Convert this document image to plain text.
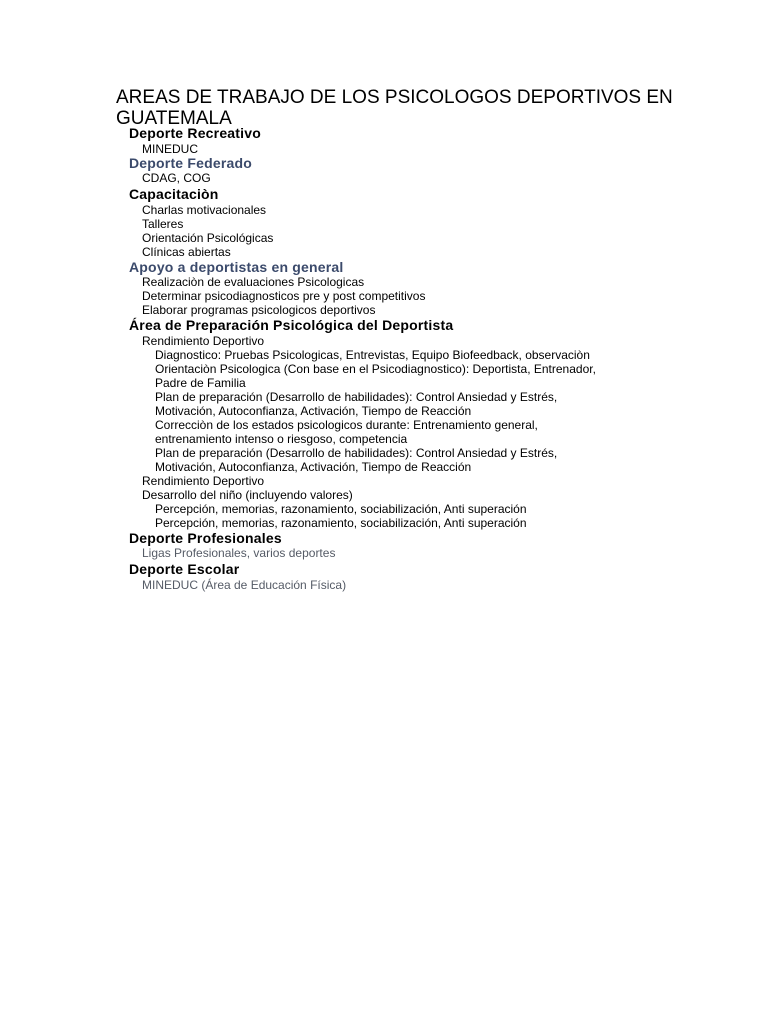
AREAS DE TRABAJO DE LOS PSICOLOGOS DEPORTIVOS EN GUATEMALA

Deporte Recreativo

MINEDUC

Deporte Federado

CDAG, COG

Capacitaciòn

Charlas motivacionales

Talleres

Orientación Psicológicas

Clínicas abiertas

Apoyo a deportistas en general

Realizaciòn de evaluaciones Psicologicas

Determinar psicodiagnosticos pre y post competitivos

Elaborar programas psicologicos deportivos

Área de Preparación Psicológica del Deportista

Rendimiento Deportivo

Diagnostico: Pruebas Psicologicas, Entrevistas, Equipo Biofeedback, observaciòn

Orientaciòn Psicologica (Con base en el Psicodiagnostico): Deportista, Entrenador,

Padre de Familia

Plan de preparación (Desarrollo de habilidades): Control Ansiedad y Estrés,

Motivación, Autoconfianza, Activación, Tiempo de Reacción

Correcciòn de los estados psicologicos durante: Entrenamiento general,

entrenamiento intenso o riesgoso, competencia

Plan de preparación (Desarrollo de habilidades): Control Ansiedad y Estrés,

Motivación, Autoconfianza, Activación, Tiempo de Reacción

Rendimiento Deportivo

Desarrollo del niño (incluyendo valores)

Percepción, memorias, razonamiento, sociabilización, Anti superación

Percepción, memorias, razonamiento, sociabilización, Anti superación

Deporte Profesionales

Ligas Profesionales, varios deportes

Deporte Escolar

MINEDUC (Área de Educación Física)
